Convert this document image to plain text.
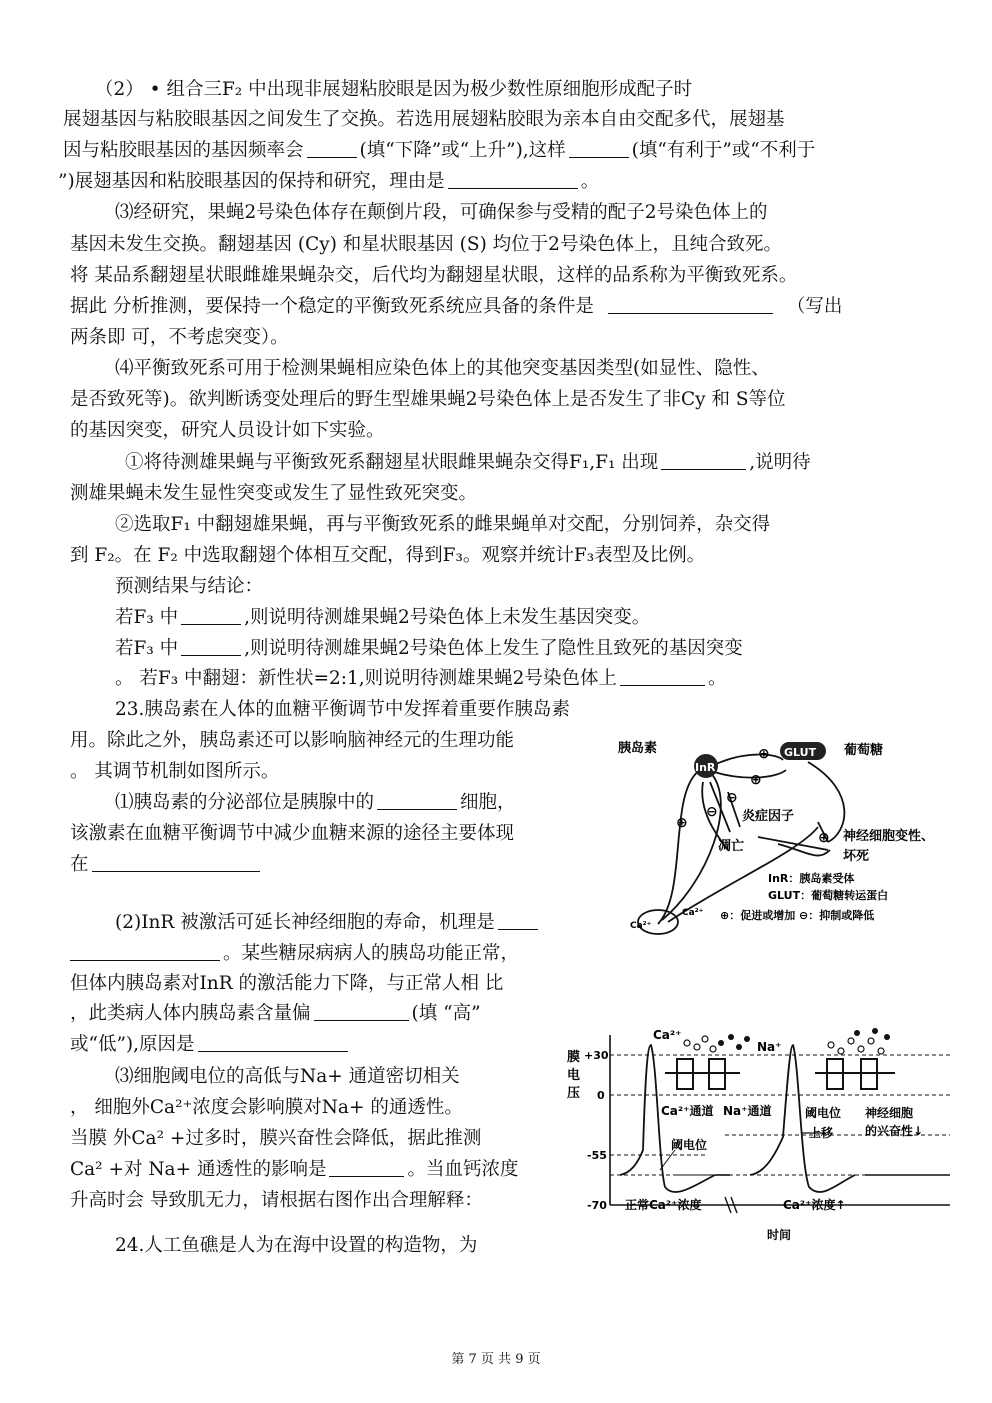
（2） • 组合三F₂ 中出现非展翅粘胶眼是因为极少数性原细胞形成配子时
展翅基因与粘胶眼基因之间发生了交换。若选用展翅粘胶眼为亲本自由交配多代，展翅基
因与粘胶眼基因的基因频率会	(填“下降”或“上升”),这样	(填“有利于”或“不利于
”)展翅基因和粘胶眼基因的保持和研究，理由是	。
⑶经研究，果蝇2号染色体存在颠倒片段，可确保参与受精的配子2号染色体上的
基因未发生交换。翻翅基因 (Cy) 和星状眼基因 (S) 均位于2号染色体上，且纯合致死。
将 某品系翻翅星状眼雌雄果蝇杂交，后代均为翻翅星状眼，这样的品系称为平衡致死系。
据此 分析推测，要保持一个稳定的平衡致死系统应具备的条件是	（写出
两条即 可，不考虑突变）。
⑷平衡致死系可用于检测果蝇相应染色体上的其他突变基因类型(如显性、隐性、
是否致死等)。欲判断诱变处理后的野生型雄果蝇2号染色体上是否发生了非Cy 和 S等位
的基因突变，研究人员设计如下实验。
①将待测雄果蝇与平衡致死系翻翅星状眼雌果蝇杂交得F₁,F₁ 出现	,说明待
测雄果蝇未发生显性突变或发生了显性致死突变。
②选取F₁ 中翻翅雄果蝇，再与平衡致死系的雌果蝇单对交配，分别饲养，杂交得
到 F₂。在 F₂ 中选取翻翅个体相互交配，得到F₃。观察并统计F₃表型及比例。
预测结果与结论：
若F₃ 中	,则说明待测雄果蝇2号染色体上未发生基因突变。
若F₃ 中	,则说明待测雄果蝇2号染色体上发生了隐性且致死的基因突变
。 若F₃ 中翻翅：新性状=2:1,则说明待测雄果蝇2号染色体上	。
23.胰岛素在人体的血糖平衡调节中发挥着重要作胰岛素
用。除此之外，胰岛素还可以影响脑神经元的生理功能
。 其调节机制如图所示。
⑴胰岛素的分泌部位是胰腺中的	细胞，
该激素在血糖平衡调节中减少血糖来源的途径主要体现
在
(2)InR 被激活可延长神经细胞的寿命，机理是
。某些糖尿病病人的胰岛功能正常，
但体内胰岛素对InR 的激活能力下降，与正常人相 比
，此类病人体内胰岛素含量偏	(填 “高”
或“低”),原因是
⑶细胞阈电位的高低与Na+ 通道密切相关
， 细胞外Ca²⁺浓度会影响膜对Na+ 的通透性。
当膜 外Ca² +过多时，膜兴奋性会降低，据此推测
Ca² +对 Na+ 通透性的影响是	。当血钙浓度
升高时会 导致肌无力，请根据右图作出合理解释：
24.人工鱼礁是人为在海中设置的构造物，为
胰岛素
InR
GLUT 葡萄糖
炎症因子
凋亡
神经细胞变性、
坏死
Ca²⁺
Ca²⁺
⊕
⊕
⊖
⊖
⊕
⊕
InR：胰岛素受体
GLUT：葡萄糖转运蛋白
⊕：促进或增加 ⊖：抑制或降低
膜
电
压
+30
0
-55
-70
Ca²⁺
Na⁺
Ca²⁺通道 Na⁺通道
阈电位
阈电位
上移
神经细胞
的兴奋性↓
正常Ca²⁺浓度	Ca²⁺浓度↑
时间
第 7 页 共 9 页
